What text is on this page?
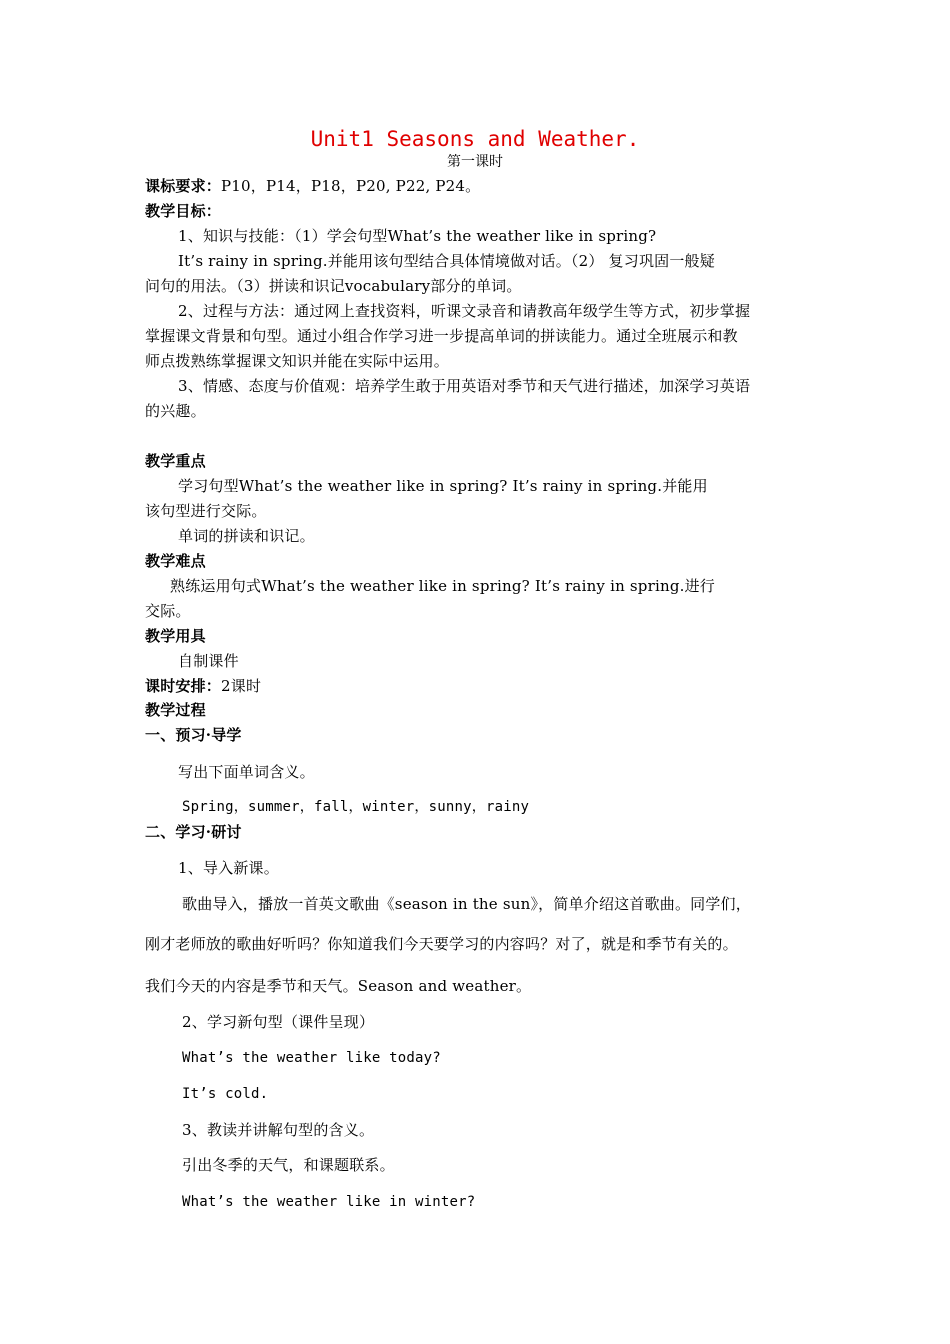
Unit1 Seasons and Weather.
第一课时
课标要求：P10，P14，P18，P20, P22, P24。
教学目标：
1、知识与技能：（1）学会句型What’s the weather like in spring?
It’s rainy in spring.并能用该句型结合具体情境做对话。（2） 复习巩固一般疑
问句的用法。（3）拼读和识记vocabulary部分的单词。
2、过程与方法：通过网上查找资料，听课文录音和请教高年级学生等方式，初步掌握
掌握课文背景和句型。通过小组合作学习进一步提高单词的拼读能力。通过全班展示和教
师点拨熟练掌握课文知识并能在实际中运用。
3、情感、态度与价值观：培养学生敢于用英语对季节和天气进行描述，加深学习英语
的兴趣。
教学重点
学习句型What’s the weather like in spring? It’s rainy in spring.并能用
该句型进行交际。
单词的拼读和识记。
教学难点
熟练运用句式What’s the weather like in spring? It’s rainy in spring.进行
交际。
教学用具
自制课件
课时安排：2课时
教学过程
一、预习·导学
写出下面单词含义。
Spring，summer，fall，winter，sunny，rainy
二、学习·研讨
1、导入新课。
歌曲导入，播放一首英文歌曲《season in the sun》，简单介绍这首歌曲。同学们，
刚才老师放的歌曲好听吗？你知道我们今天要学习的内容吗？对了，就是和季节有关的。
我们今天的内容是季节和天气。Season and weather。
2、学习新句型（课件呈现）
What’s the weather like today?
It’s cold.
3、教读并讲解句型的含义。
引出冬季的天气，和课题联系。
What’s the weather like in winter?
